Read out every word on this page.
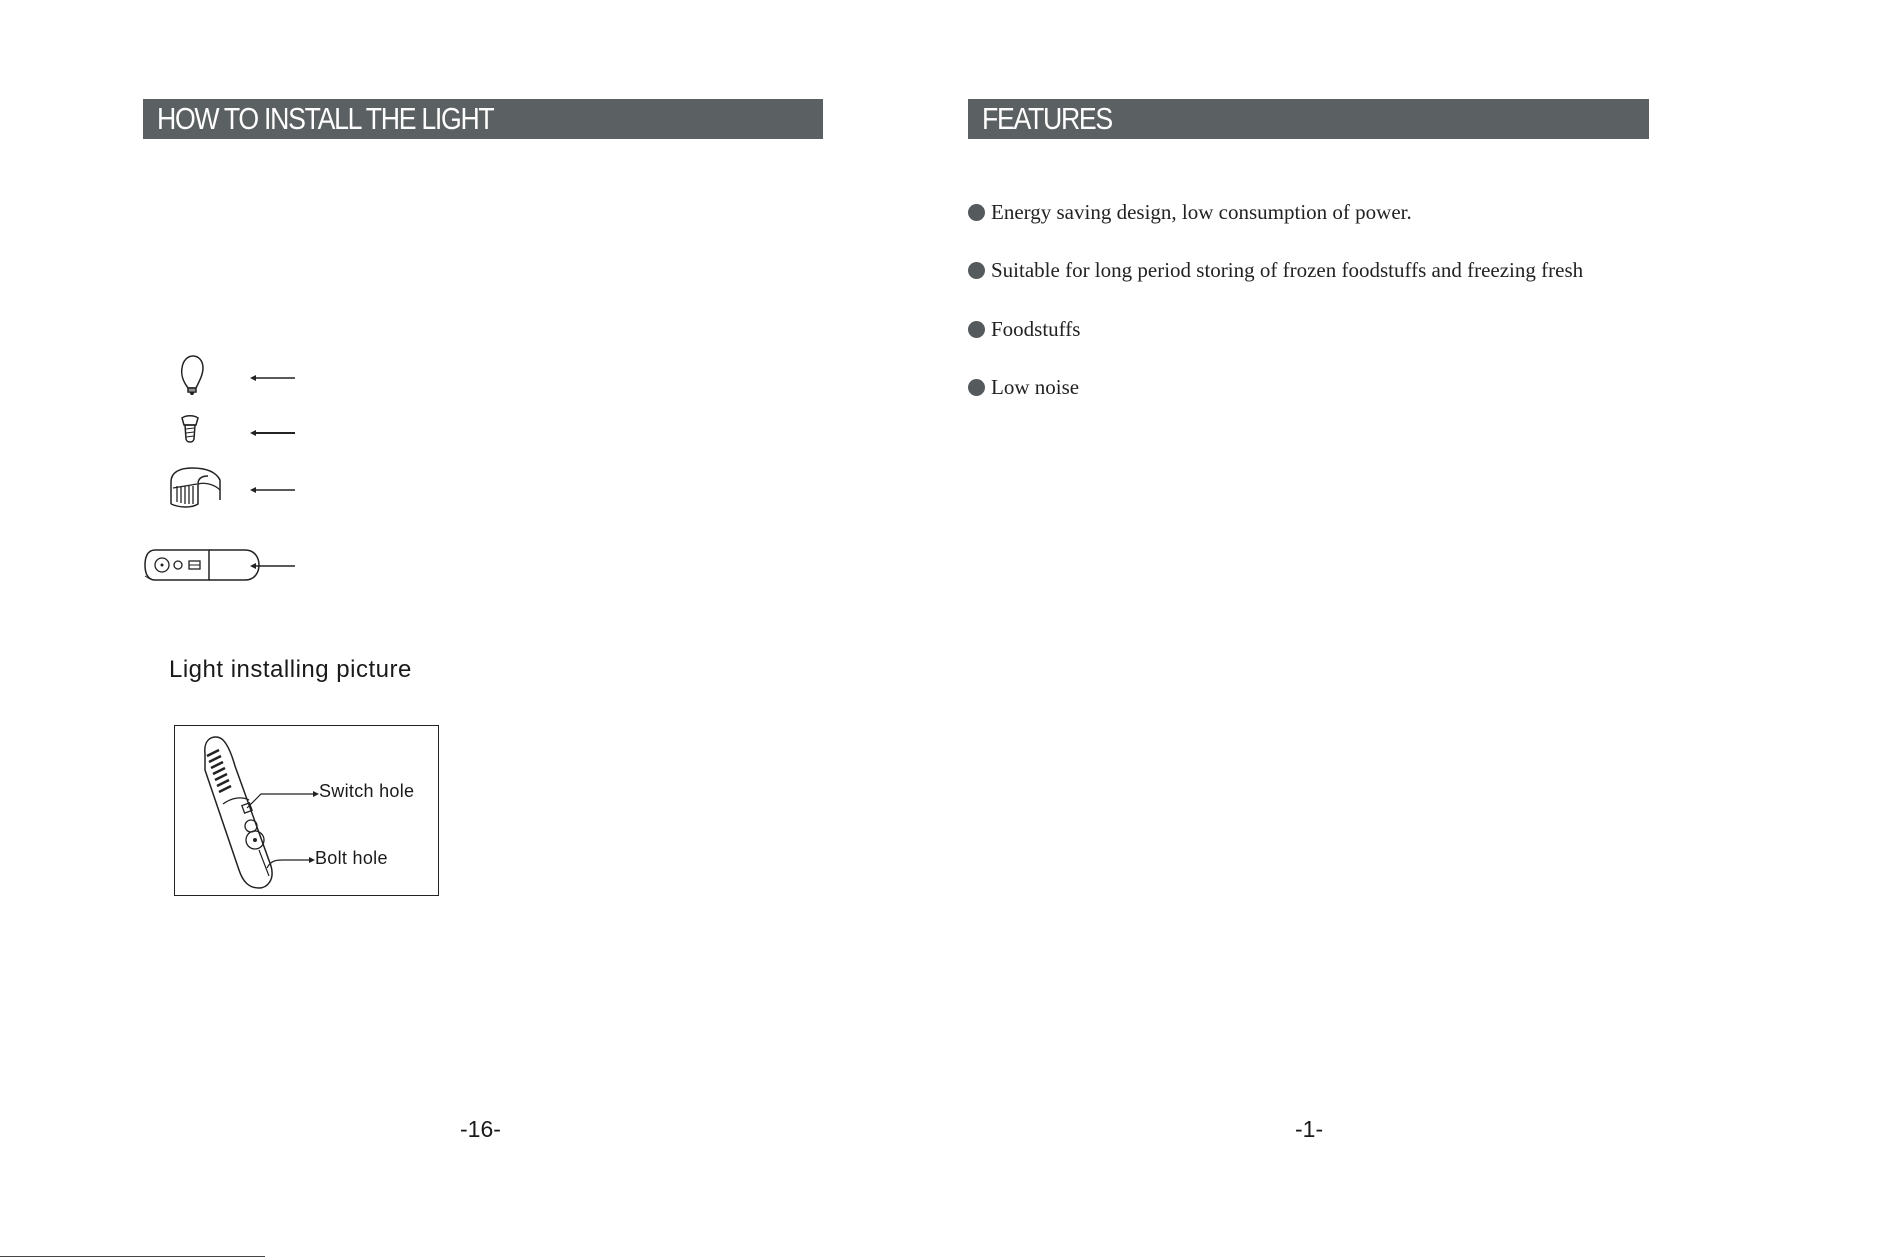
HOW TO INSTALL THE LIGHT
Light installing picture
Switch hole
Bolt hole
-16-
FEATURES
Energy saving design, low consumption of power.
Suitable for long period storing of frozen foodstuffs and freezing fresh
Foodstuffs
Low noise
-1-
